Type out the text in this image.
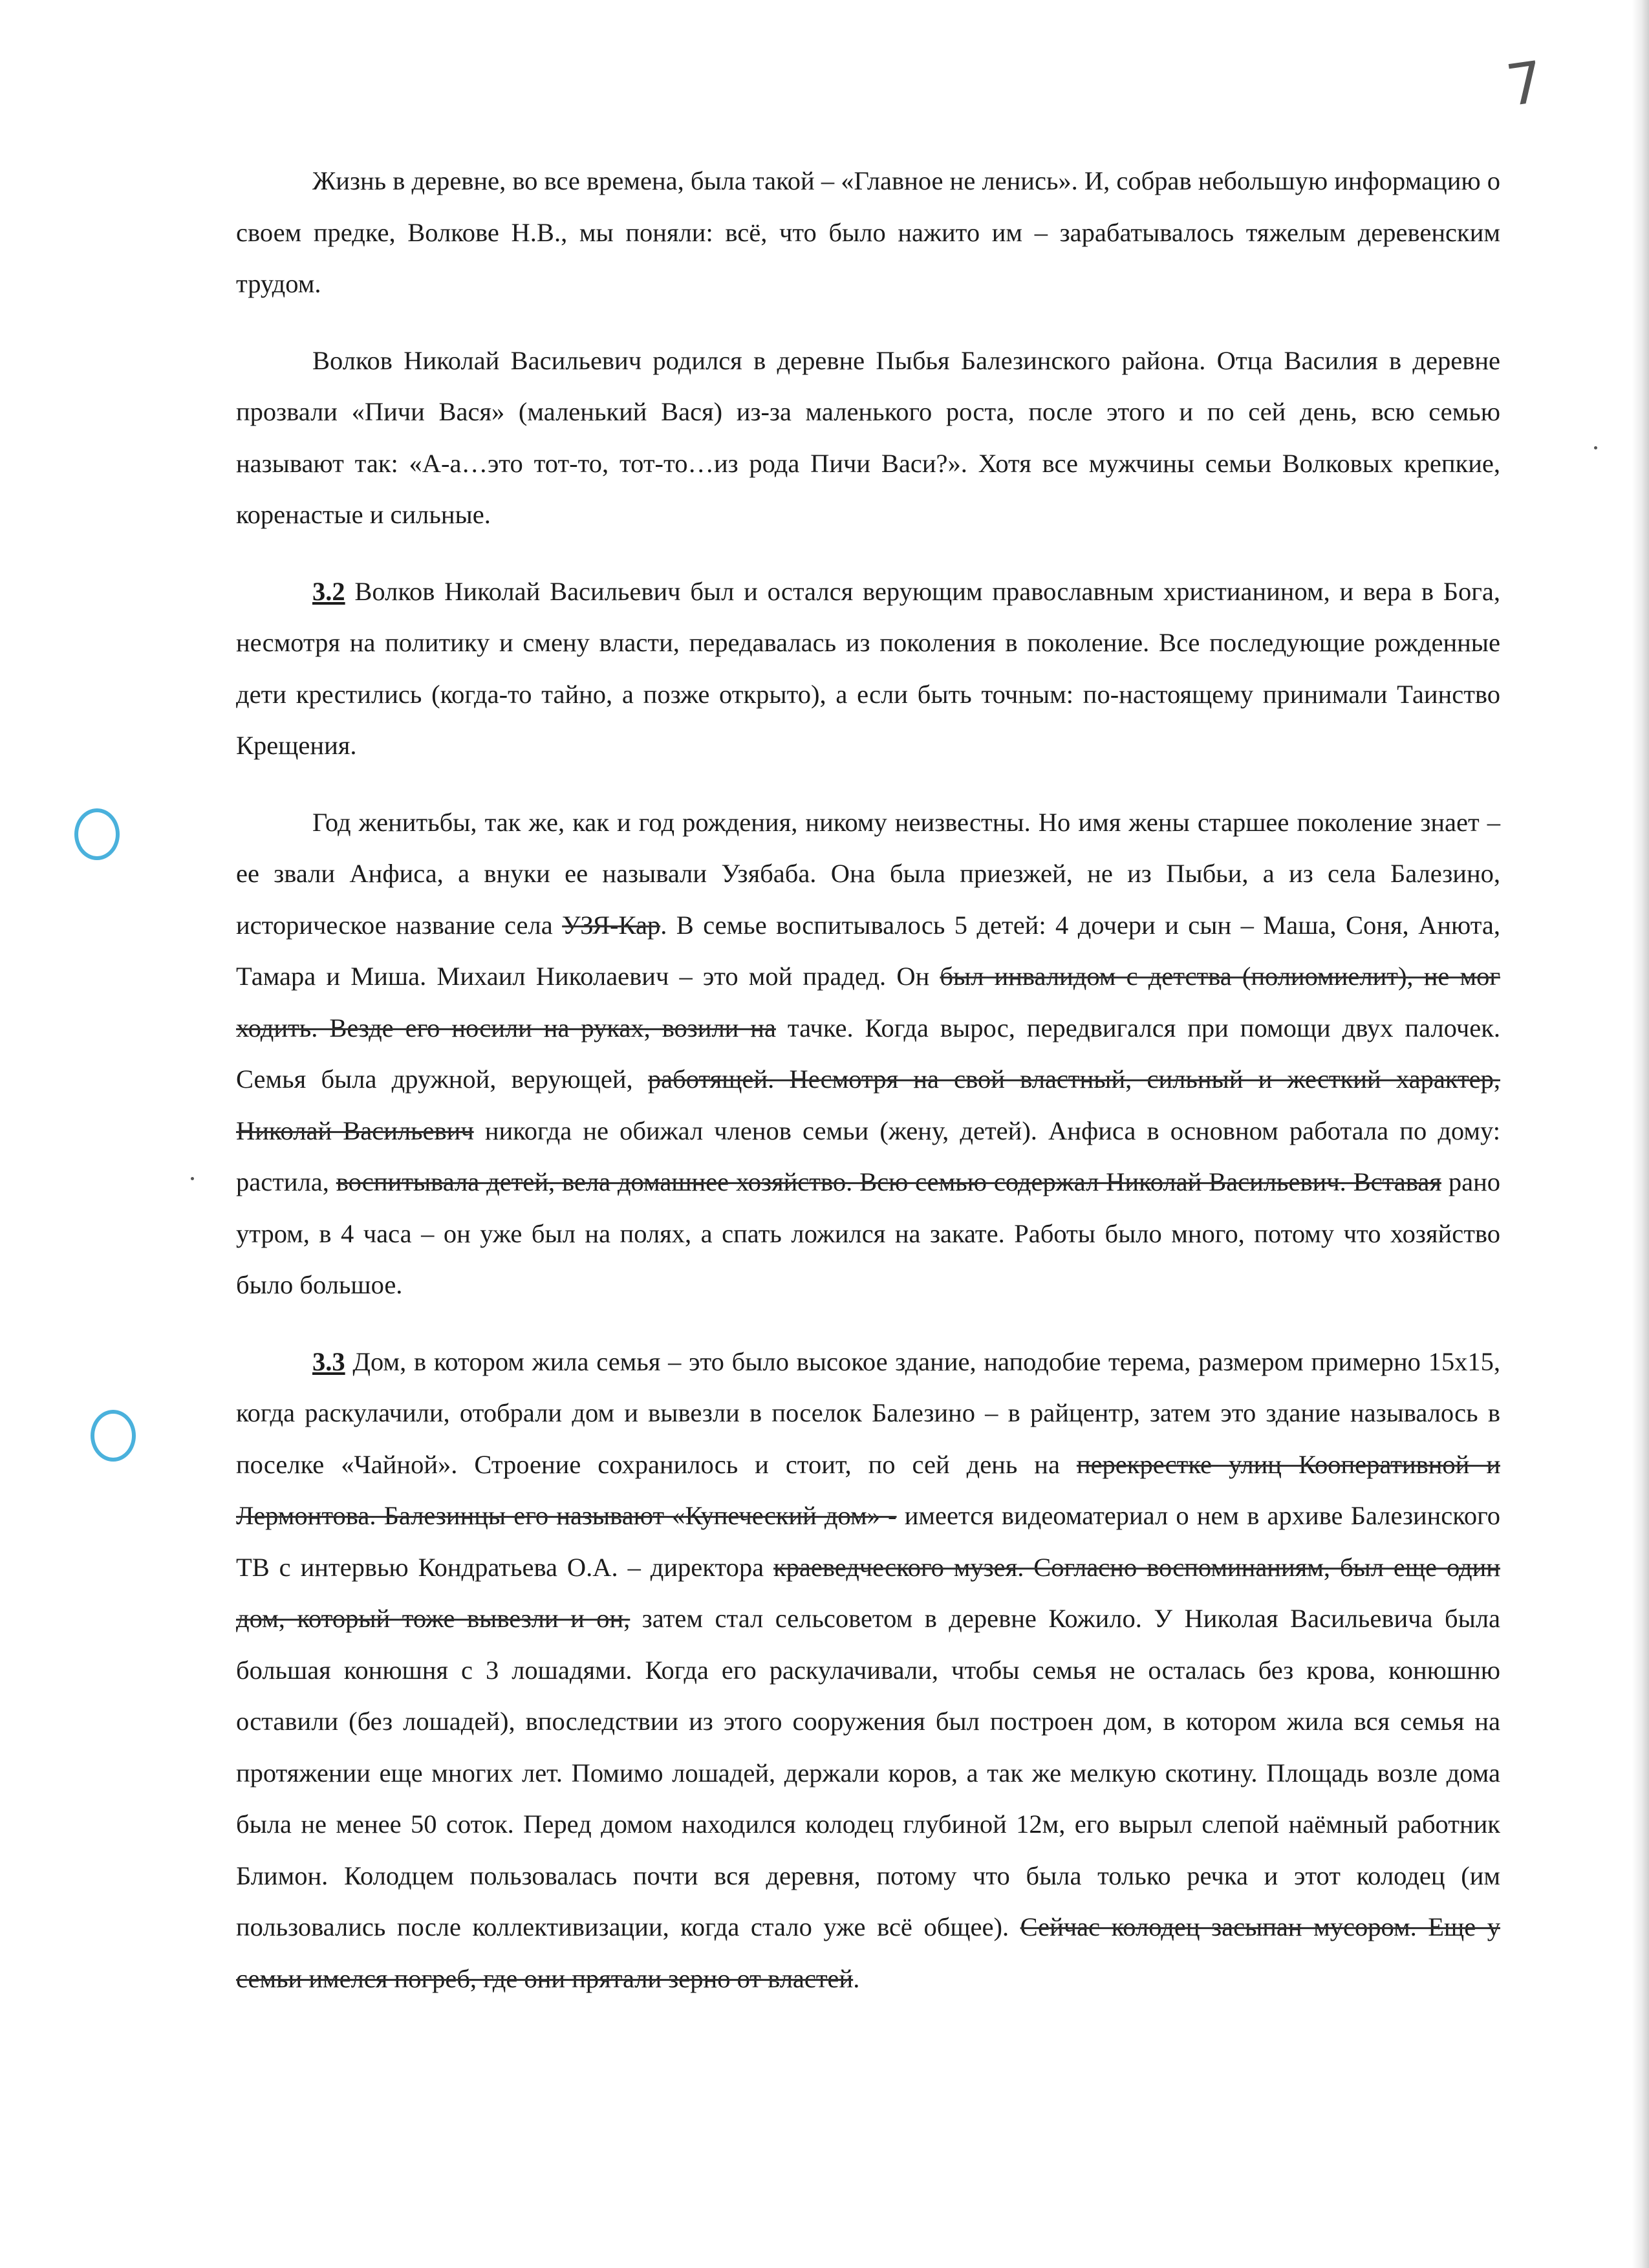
7

Жизнь в деревне, во все времена, была такой – «Главное не ленись». И, собрав небольшую информацию о своем предке, Волкове Н.В., мы поняли: всё, что было нажито им – зарабатывалось тяжелым деревенским трудом.

Волков Николай Васильевич родился в деревне Пыбья Балезинского района. Отца Василия в деревне прозвали «Пичи Вася» (маленький Вася) из-за маленького роста, после этого и по сей день, всю семью называют так: «А-а…это тот-то, тот-то…из рода Пичи Васи?». Хотя все мужчины семьи Волковых крепкие, коренастые и сильные.

3.2 Волков Николай Васильевич был и остался верующим православным христианином, и вера в Бога, несмотря на политику и смену власти, передавалась из поколения в поколение. Все последующие рожденные дети крестились (когда-то тайно, а позже открыто), а если быть точным: по-настоящему принимали Таинство Крещения.

Год женитьбы, так же, как и год рождения, никому неизвестны. Но имя жены старшее поколение знает – ее звали Анфиса, а внуки ее называли Узябаба. Она была приезжей, не из Пыбьи, а из села Балезино, историческое название села УЗЯ-Кар. В семье воспитывалось 5 детей: 4 дочери и сын – Маша, Соня, Анюта, Тамара и Миша. Михаил Николаевич – это мой прадед. Он был инвалидом с детства (полиомиелит), не мог ходить. Везде его носили на руках, возили на тачке. Когда вырос, передвигался при помощи двух палочек. Семья была дружной, верующей, работящей. Несмотря на свой властный, сильный и жесткий характер, Николай Васильевич никогда не обижал членов семьи (жену, детей). Анфиса в основном работала по дому: растила, воспитывала детей, вела домашнее хозяйство. Всю семью содержал Николай Васильевич. Вставая рано утром, в 4 часа – он уже был на полях, а спать ложился на закате. Работы было много, потому что хозяйство было большое.

3.3 Дом, в котором жила семья – это было высокое здание, наподобие терема, размером примерно 15х15, когда раскулачили, отобрали дом и вывезли в поселок Балезино – в райцентр, затем это здание называлось в поселке «Чайной». Строение сохранилось и стоит, по сей день на перекрестке улиц Кооперативной и Лермонтова. Балезинцы его называют «Купеческий дом» - имеется видеоматериал о нем в архиве Балезинского ТВ с интервью Кондратьева О.А. – директора краеведческого музея. Согласно воспоминаниям, был еще один дом, который тоже вывезли и он, затем стал сельсоветом в деревне Кожило. У Николая Васильевича была большая конюшня с 3 лошадями. Когда его раскулачивали, чтобы семья не осталась без крова, конюшню оставили (без лошадей), впоследствии из этого сооружения был построен дом, в котором жила вся семья на протяжении еще многих лет. Помимо лошадей, держали коров, а так же мелкую скотину. Площадь возле дома была не менее 50 соток. Перед домом находился колодец глубиной 12м, его вырыл слепой наёмный работник Блимон. Колодцем пользовалась почти вся деревня, потому что была только речка и этот колодец (им пользовались после коллективизации, когда стало уже всё общее). Сейчас колодец засыпан мусором. Еще у семьи имелся погреб, где они прятали зерно от властей.
